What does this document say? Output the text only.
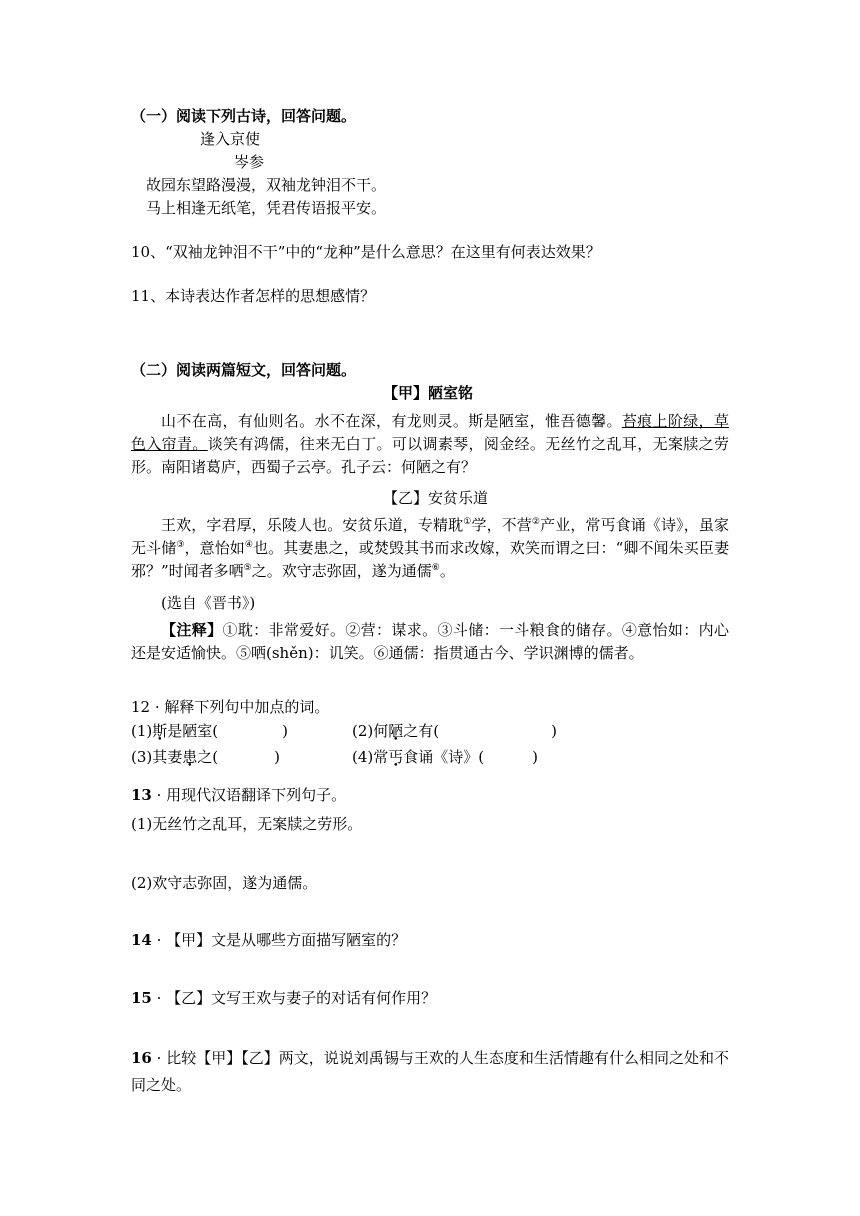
（一）阅读下列古诗，回答问题。
逢入京使
岑参
故园东望路漫漫，双袖龙钟泪不干。
马上相逢无纸笔，凭君传语报平安。
10、“双袖龙钟泪不干”中的“龙种”是什么意思？在这里有何表达效果？
11、本诗表达作者怎样的思想感情？
（二）阅读两篇短文，回答问题。
【甲】陋室铭
山不在高，有仙则名。水不在深，有龙则灵。斯是陋室，惟吾德馨。苔痕上阶绿，草色入帘青。谈笑有鸿儒，往来无白丁。可以调素琴，阅金经。无丝竹之乱耳，无案牍之劳形。南阳诸葛庐，西蜀子云亭。孔子云：何陋之有？
【乙】安贫乐道
王欢，字君厚，乐陵人也。安贫乐道，专精耽①学，不营②产业，常丐食诵《诗》，虽家无斗储③，意怡如④也。其妻患之，或焚毁其书而求改嫁，欢笑而谓之曰：“卿不闻朱买臣妻邪？”时闻者多哂⑤之。欢守志弥固，遂为通儒⑥。
(选自《晋书》)
【注释】①耽：非常爱好。②营：谋求。③斗储：一斗粮食的储存。④意怡如：内心还是安适愉快。⑤哂(shěn)：讥笑。⑥通儒：指贯通古今、学识渊博的儒者。
12 · 解释下列句中加点的词。
(1)斯是陋室(	)	(2)何陋之有(	)
(3)其妻患之(	)	(4)常丐食诵《诗》(	)
13 · 用现代汉语翻译下列句子。
(1)无丝竹之乱耳，无案牍之劳形。
(2)欢守志弥固，遂为通儒。
14 · 【甲】文是从哪些方面描写陋室的？
15 · 【乙】文写王欢与妻子的对话有何作用？
16 · 比较【甲】【乙】两文，说说刘禹锡与王欢的人生态度和生活情趣有什么相同之处和不同之处。
